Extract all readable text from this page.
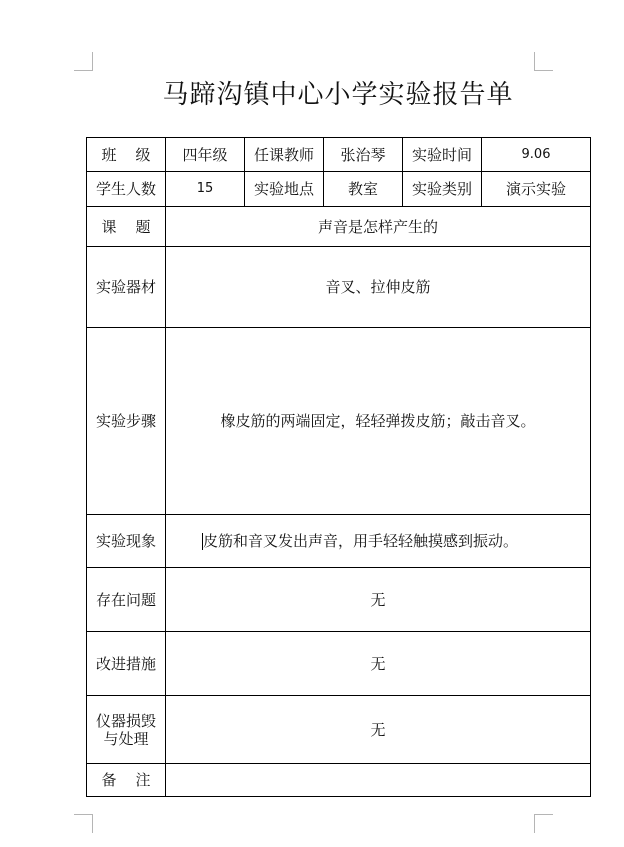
马蹄沟镇中心小学实验报告单
班    级	四年级	任课教师	张治琴	实验时间	9.06
学生人数	15	实验地点	教室	实验类别	演示实验
课    题	声音是怎样产生的				
实验器材	音叉、拉伸皮筋				
实验步骤	橡皮筋的两端固定，轻轻弹拨皮筋；敲击音叉。				
实验现象	皮筋和音叉发出声音，用手轻轻触摸感到振动。				
存在问题	无				
改进措施	无				

仪器损毁
与处理	无				
备    注					
